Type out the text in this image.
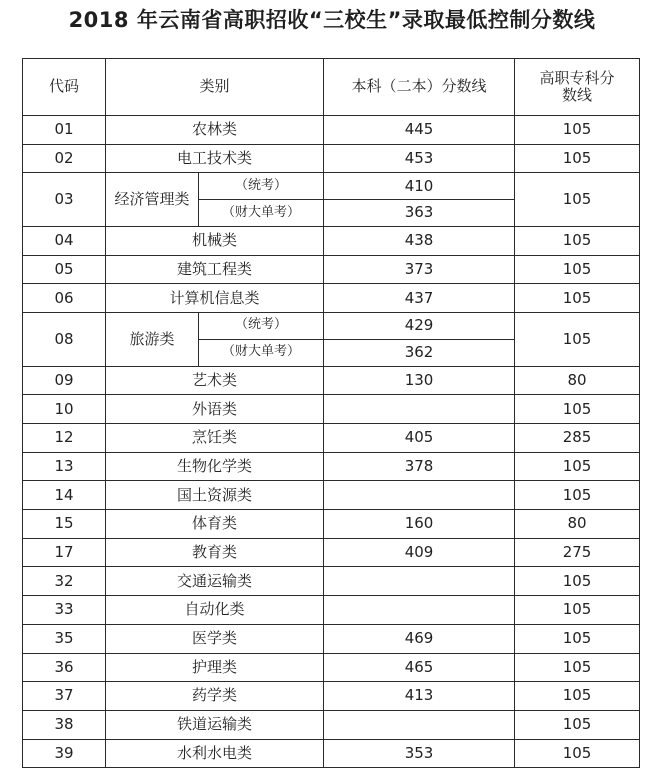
2018 年云南省高职招收“三校生”录取最低控制分数线
代码	类别		本科（二本）分数线	高职专科分数线
01	农林类		445	105
02	电工技术类		453	105
03	经济管理类	（统考）	410	105
		（财大单考）	363	
04	机械类		438	105
05	建筑工程类		373	105
06	计算机信息类		437	105
08	旅游类	（统考）	429	105
		（财大单考）	362	
09	艺术类		130	80
10	外语类			105
12	烹饪类		405	285
13	生物化学类		378	105
14	国土资源类			105
15	体育类		160	80
17	教育类		409	275
32	交通运输类			105
33	自动化类			105
35	医学类		469	105
36	护理类		465	105
37	药学类		413	105
38	铁道运输类			105
39	水利水电类		353	105
